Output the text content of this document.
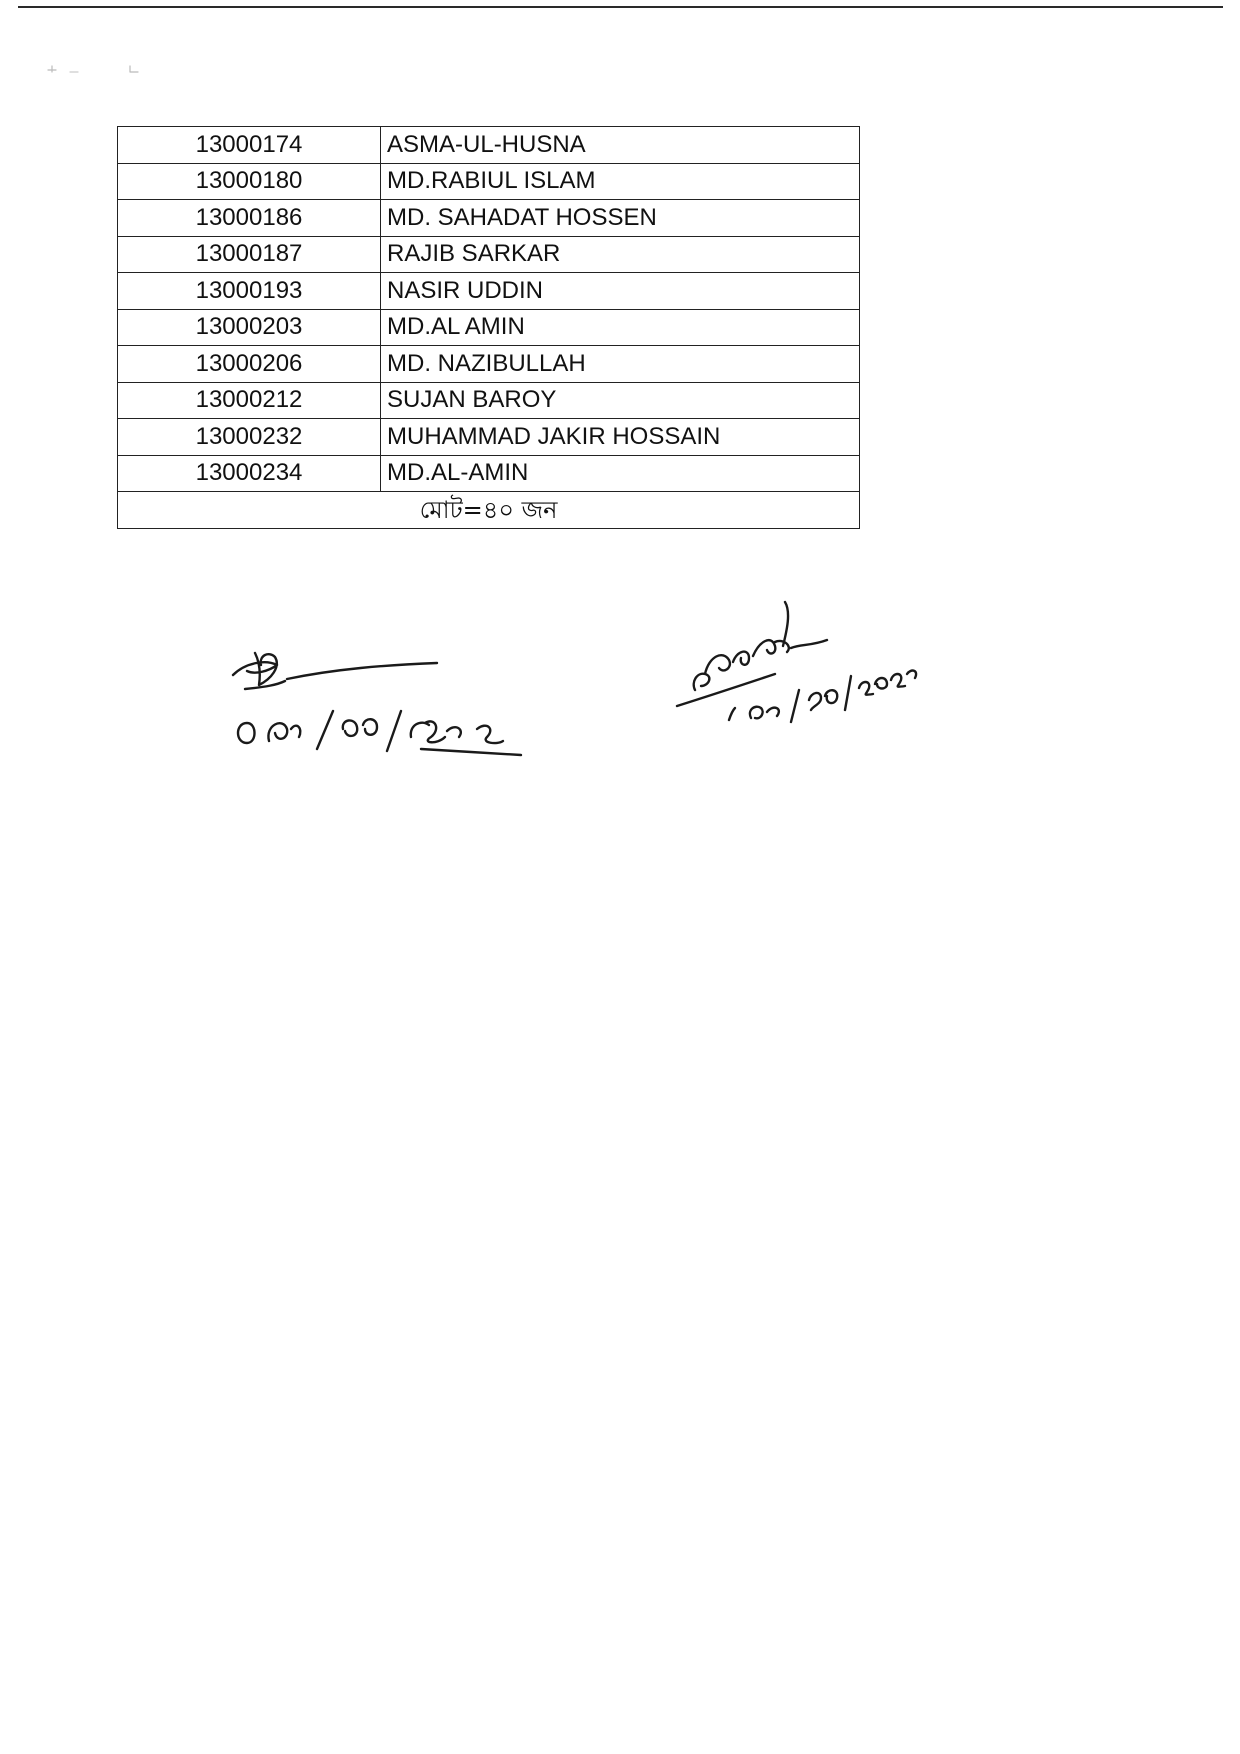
13000174	ASMA-UL-HUSNA
13000180	MD.RABIUL ISLAM
13000186	MD. SAHADAT HOSSEN
13000187	RAJIB SARKAR
13000193	NASIR UDDIN
13000203	MD.AL AMIN
13000206	MD. NAZIBULLAH
13000212	SUJAN BAROY
13000232	MUHAMMAD JAKIR HOSSAIN
13000234	MD.AL-AMIN
মোট=৪০ জন	
